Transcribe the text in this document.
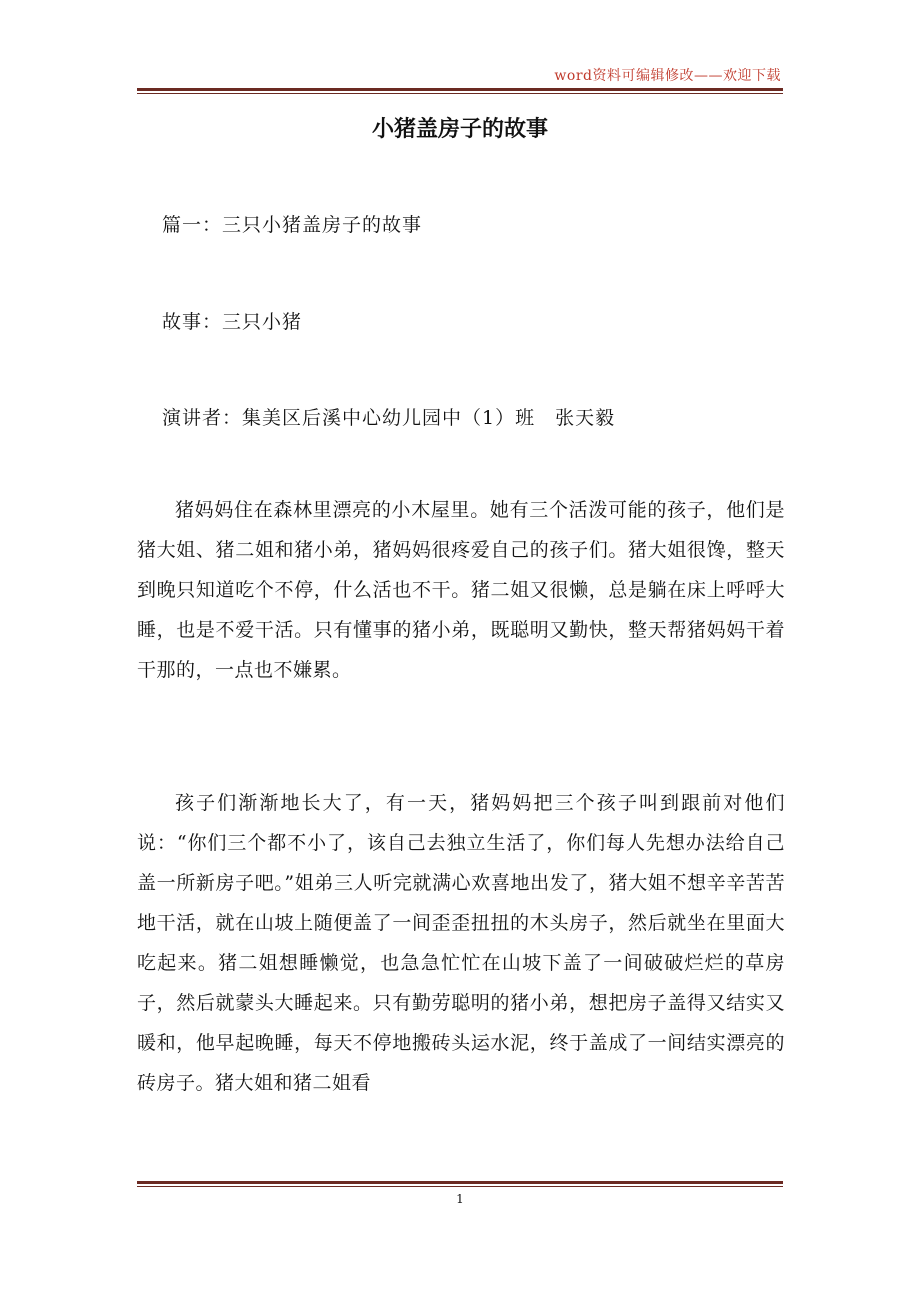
word资料可编辑修改——欢迎下载
小猪盖房子的故事
篇一：三只小猪盖房子的故事
故事：三只小猪
演讲者：集美区后溪中心幼儿园中（1）班　张天毅
猪妈妈住在森林里漂亮的小木屋里。她有三个活泼可能的孩子，他们是猪大姐、猪二姐和猪小弟，猪妈妈很疼爱自己的孩子们。猪大姐很馋，整天到晚只知道吃个不停，什么活也不干。猪二姐又很懒，总是躺在床上呼呼大睡，也是不爱干活。只有懂事的猪小弟，既聪明又勤快，整天帮猪妈妈干着干那的，一点也不嫌累。
孩子们渐渐地长大了，有一天，猪妈妈把三个孩子叫到跟前对他们说：“你们三个都不小了，该自己去独立生活了，你们每人先想办法给自己盖一所新房子吧。”姐弟三人听完就满心欢喜地出发了，猪大姐不想辛辛苦苦地干活，就在山坡上随便盖了一间歪歪扭扭的木头房子，然后就坐在里面大吃起来。猪二姐想睡懒觉，也急急忙忙在山坡下盖了一间破破烂烂的草房子，然后就蒙头大睡起来。只有勤劳聪明的猪小弟，想把房子盖得又结实又暖和，他早起晚睡，每天不停地搬砖头运水泥，终于盖成了一间结实漂亮的砖房子。猪大姐和猪二姐看
1
